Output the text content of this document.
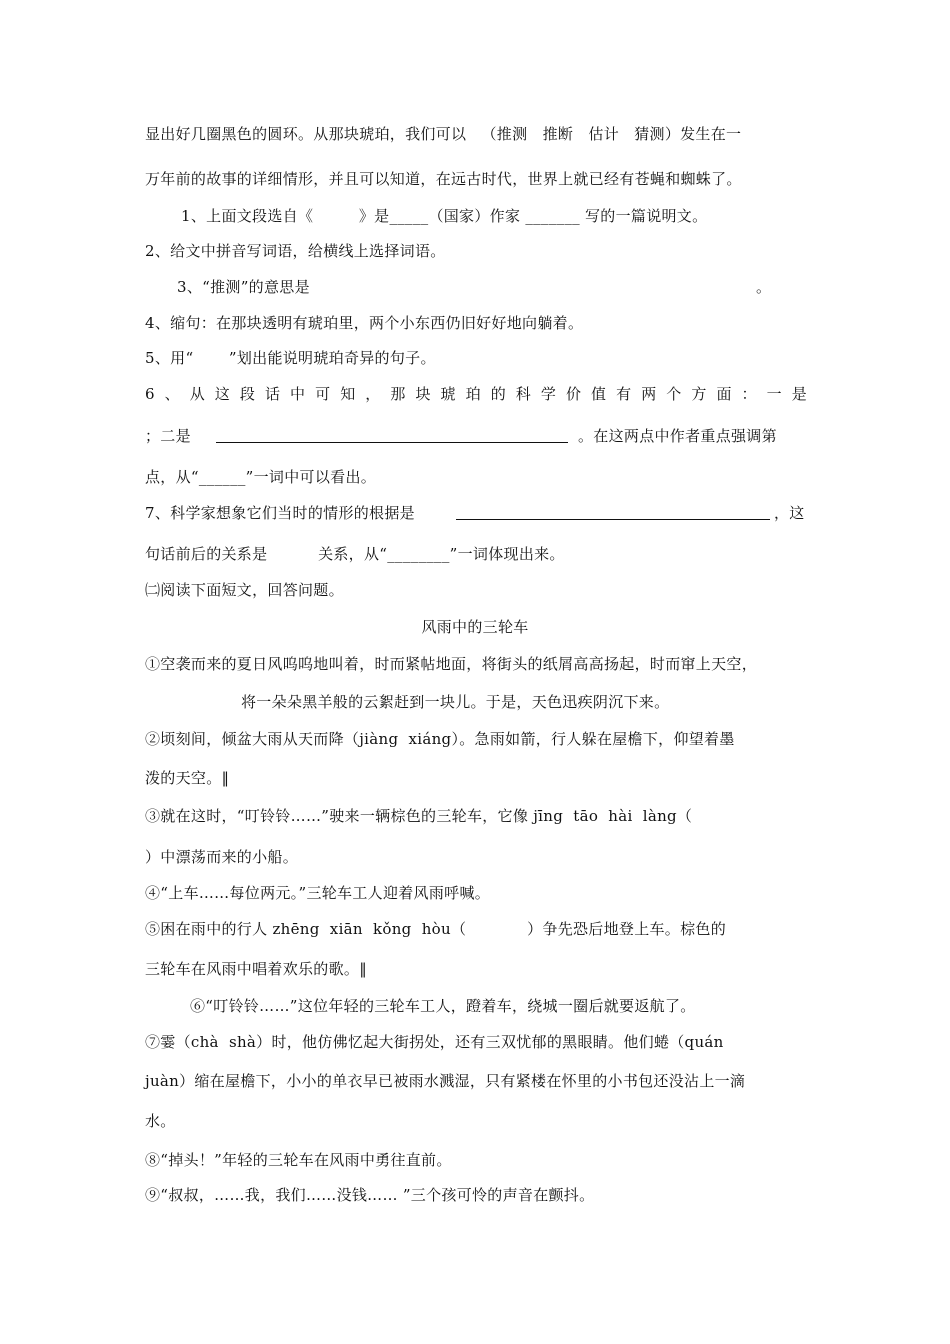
显出好几圈黑色的圆环。从那块琥珀，我们可以   （推测   推断   估计   猜测）发生在一
万年前的故事的详细情形，并且可以知道，在远古时代，世界上就已经有苍蝇和蜘蛛了。
1、上面文段选自《         》是_____（国家）作家 _______ 写的一篇说明文。
2、给文中拼音写词语，给横线上选择词语。
3、“推测”的意思是	。
4、缩句：在那块透明有琥珀里，两个小东西仍旧好好地向躺着。
5、用“       ”划出能说明琥珀奇异的句子。
6、从这段话中可知，那块琥珀的科学价值有两个方面：一是
；二是	。在这两点中作者重点强调第
点，从“______”一词中可以看出。
7、科学家想象它们当时的情形的根据是	，这
句话前后的关系是          关系，从“________”一词体现出来。
㈡阅读下面短文，回答问题。
风雨中的三轮车
①空袭而来的夏日风呜呜地叫着，时而紧帖地面，将街头的纸屑高高扬起，时而窜上天空，
将一朵朵黑羊般的云絮赶到一块儿。于是，天色迅疾阴沉下来。
②顷刻间，倾盆大雨从天而降（jiàng  xiáng）。急雨如箭，行人躲在屋檐下，仰望着墨
泼的天空。‖
③就在这时，“叮铃铃……”驶来一辆棕色的三轮车，它像 jīng  tāo  hài  làng（
）中漂荡而来的小船。
④“上车……每位两元。”三轮车工人迎着风雨呼喊。
⑤困在雨中的行人 zhēng  xiān  kǒng  hòu（            ）争先恐后地登上车。棕色的
三轮车在风雨中唱着欢乐的歌。‖
⑥“叮铃铃……”这位年轻的三轮车工人，蹬着车，绕城一圈后就要返航了。
⑦霎（chà  shà）时，他仿佛忆起大街拐处，还有三双忧郁的黑眼睛。他们蜷（quán
juàn）缩在屋檐下，小小的单衣早已被雨水溅湿，只有紧楼在怀里的小书包还没沾上一滴
水。
⑧“掉头！”年轻的三轮车在风雨中勇往直前。
⑨“叔叔，……我，我们……没钱…… ”三个孩可怜的声音在颤抖。
